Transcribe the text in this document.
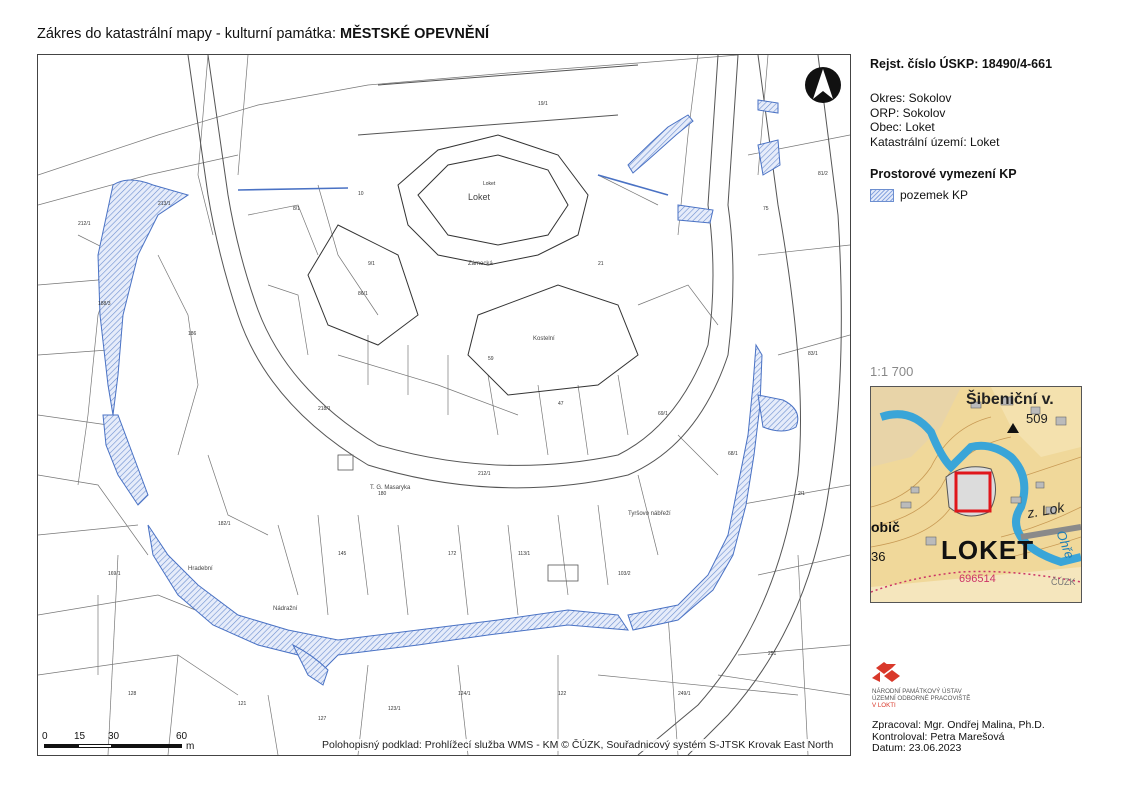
Zákres do katastrální mapy - kulturní památka: MĚSTSKÉ OPEVNĚNÍ
213/1
212/1
8/1
10
19/1
Loket
21
188/3
186
9/1
86/1
218/1
59
47
69/1
68/1
180
212/1
182/1
145	172	113/1
103/2
169/1
128
121
127
123/1
124/1	122	249/1
251
2/1
83/1
81/2
75
Loket
T. G. Masaryka
Zámecká
Kostelní
Tyršovo nábřeží
Hradební
Nádražní
0	15 30	60
m	Polohopisný podklad: Prohlížecí služba WMS - KM © ČÚZK, Souřadnicový systém S-JTSK Krovak East North
Rejst. číslo ÚSKP: 18490/4-661
Okres: Sokolov
ORP: Sokolov
Obec: Loket
Katastrální území: Loket
Prostorové vymezení KP
pozemek KP
1:1 700
Šibeniční v.
509
LOKET
obič
36
z. Lok
Ohře
696514	ČÚZK
NÁRODNÍ PAMÁTKOVÝ ÚSTAV
ÚZEMNÍ ODBORNÉ PRACOVIŠTĚ
V LOKTI
Zpracoval: Mgr. Ondřej Malina, Ph.D.
Kontroloval: Petra Marešová
Datum: 23.06.2023
